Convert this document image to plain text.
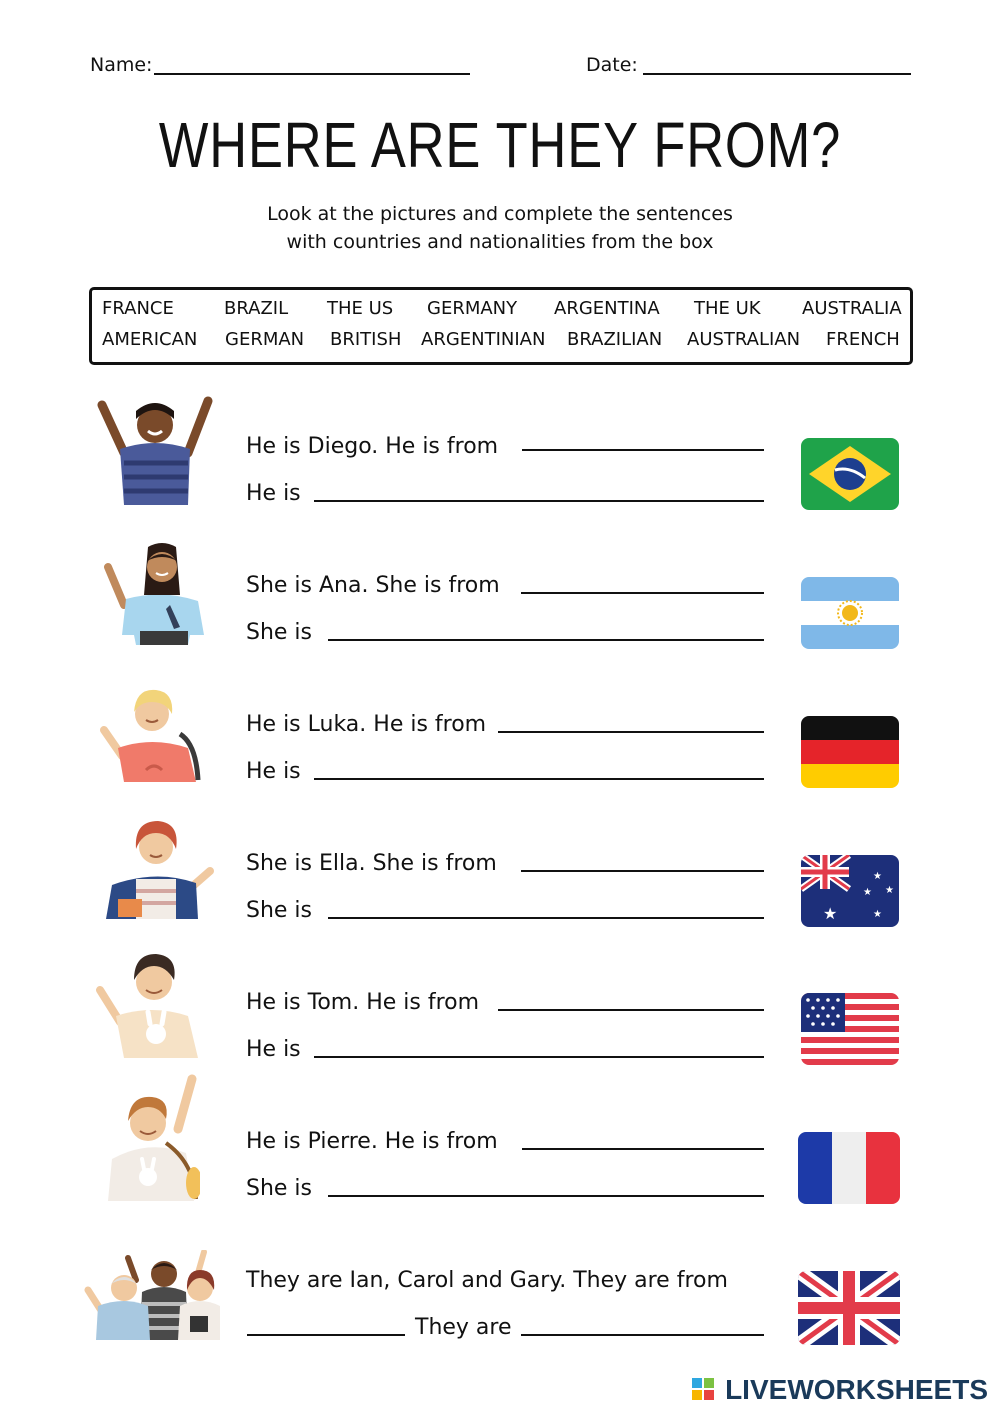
Name:	Date:
WHERE ARE THEY FROM?
Look at the pictures and complete the sentences
with countries and nationalities from the box
FRANCE	BRAZIL THE US GERMANY ARGENTINA THE UK AUSTRALIA
AMERICAN GERMAN BRITISH ARGENTINIAN BRAZILIAN AUSTRALIAN FRENCH
He is Diego. He is from
He is
She is Ana. She is from
She is
He is Luka. He is from
He is
She is Ella. She is from
She is	★
★
★
★
★
He is Tom. He is from
He is
He is Pierre. He is from
She is
They are Ian, Carol and Gary. They are from
They are
LIVEWORKSHEETS
